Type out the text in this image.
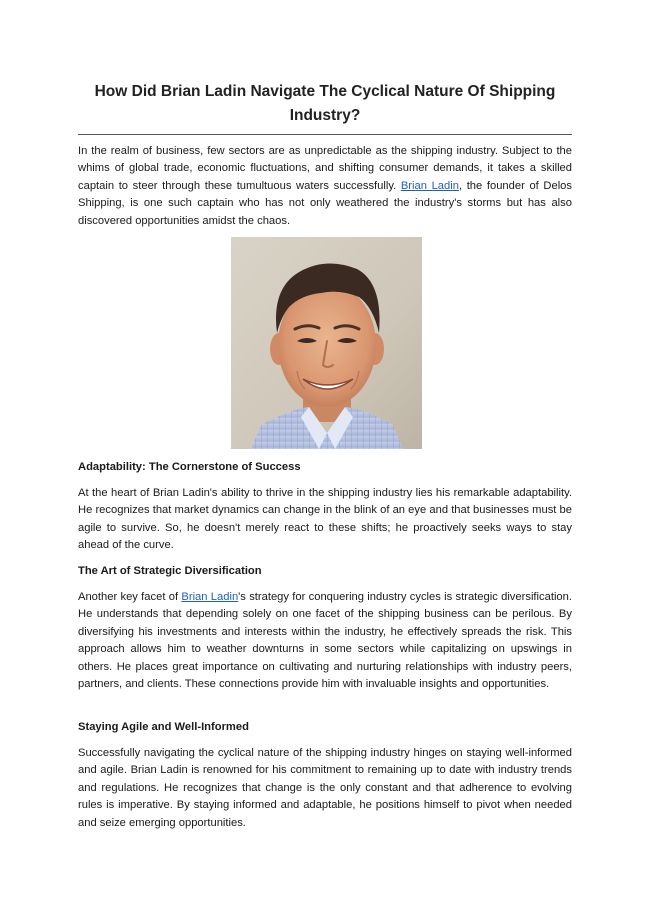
How Did Brian Ladin Navigate The Cyclical Nature Of Shipping Industry?

In the realm of business, few sectors are as unpredictable as the shipping industry. Subject to the whims of global trade, economic fluctuations, and shifting consumer demands, it takes a skilled captain to steer through these tumultuous waters successfully. Brian Ladin, the founder of Delos Shipping, is one such captain who has not only weathered the industry's storms but has also discovered opportunities amidst the chaos.

Adaptability: The Cornerstone of Success

At the heart of Brian Ladin's ability to thrive in the shipping industry lies his remarkable adaptability. He recognizes that market dynamics can change in the blink of an eye and that businesses must be agile to survive. So, he doesn't merely react to these shifts; he proactively seeks ways to stay ahead of the curve.

The Art of Strategic Diversification

Another key facet of Brian Ladin's strategy for conquering industry cycles is strategic diversification. He understands that depending solely on one facet of the shipping business can be perilous. By diversifying his investments and interests within the industry, he effectively spreads the risk. This approach allows him to weather downturns in some sectors while capitalizing on upswings in others. He places great importance on cultivating and nurturing relationships with industry peers, partners, and clients. These connections provide him with invaluable insights and opportunities.

Staying Agile and Well-Informed

Successfully navigating the cyclical nature of the shipping industry hinges on staying well-informed and agile. Brian Ladin is renowned for his commitment to remaining up to date with industry trends and regulations. He recognizes that change is the only constant and that adherence to evolving rules is imperative. By staying informed and adaptable, he positions himself to pivot when needed and seize emerging opportunities.
